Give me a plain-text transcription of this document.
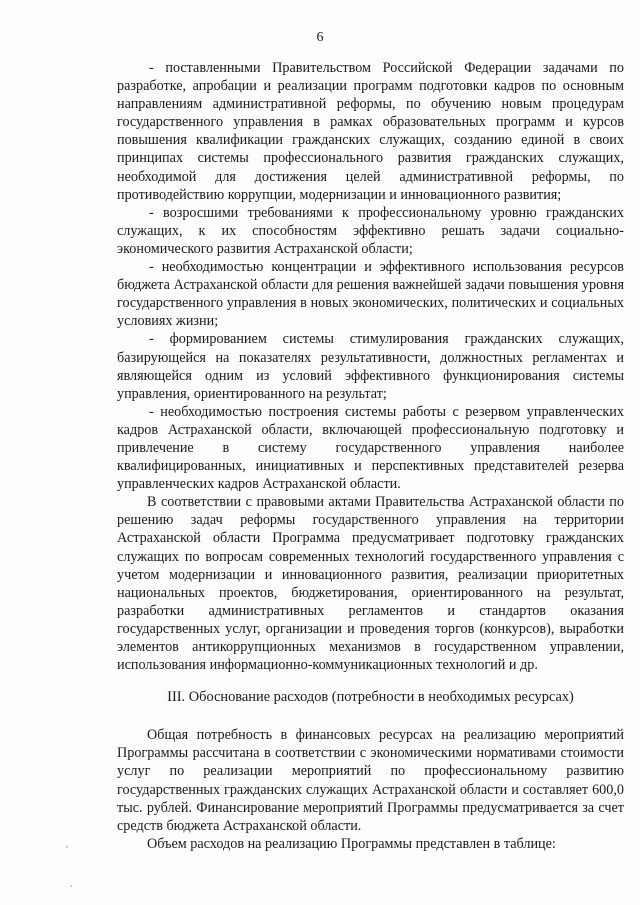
6

- поставленными Правительством Российской Федерации задачами по разработке, апробации и реализации программ подготовки кадров по основным направлениям административной реформы, по обучению новым процедурам государственного управления в рамках образовательных программ и курсов повышения квалификации гражданских служащих, созданию единой в своих принципах системы профессионального развития гражданских служащих, необходимой для достижения целей административной реформы, по противодействию коррупции, модернизации и инновационного развития;

- возросшими требованиями к профессиональному уровню гражданских служащих, к их способностям эффективно решать задачи социально-экономического развития Астраханской области;

- необходимостью концентрации и эффективного использования ресурсов бюджета Астраханской области для решения важнейшей задачи повышения уровня государственного управления в новых экономических, политических и социальных условиях жизни;

- формированием системы стимулирования гражданских служащих, базирующейся на показателях результативности, должностных регламентах и являющейся одним из условий эффективного функционирования системы управления, ориентированного на результат;

- необходимостью построения системы работы с резервом управленческих кадров Астраханской области, включающей профессиональную подготовку и привлечение в систему государственного управления наиболее квалифицированных, инициативных и перспективных представителей резерва управленческих кадров Астраханской области.

В соответствии с правовыми актами Правительства Астраханской области по решению задач реформы государственного управления на территории Астраханской области Программа предусматривает подготовку гражданских служащих по вопросам современных технологий государственного управления с учетом модернизации и инновационного развития, реализации приоритетных национальных проектов, бюджетирования, ориентированного на результат, разработки административных регламентов и стандартов оказания государственных услуг, организации и проведения торгов (конкурсов), выработки элементов антикоррупционных механизмов в государственном управлении, использования информационно-коммуникационных технологий и др.

III. Обоснование расходов (потребности в необходимых ресурсах)

Общая потребность в финансовых ресурсах на реализацию мероприятий Программы рассчитана в соответствии с экономическими нормативами стоимости услуг по реализации мероприятий по профессиональному развитию государственных гражданских служащих Астраханской области и составляет 600,0 тыс. рублей. Финансирование мероприятий Программы предусматривается за счет средств бюджета Астраханской области.

Объем расходов на реализацию Программы представлен в таблице:
